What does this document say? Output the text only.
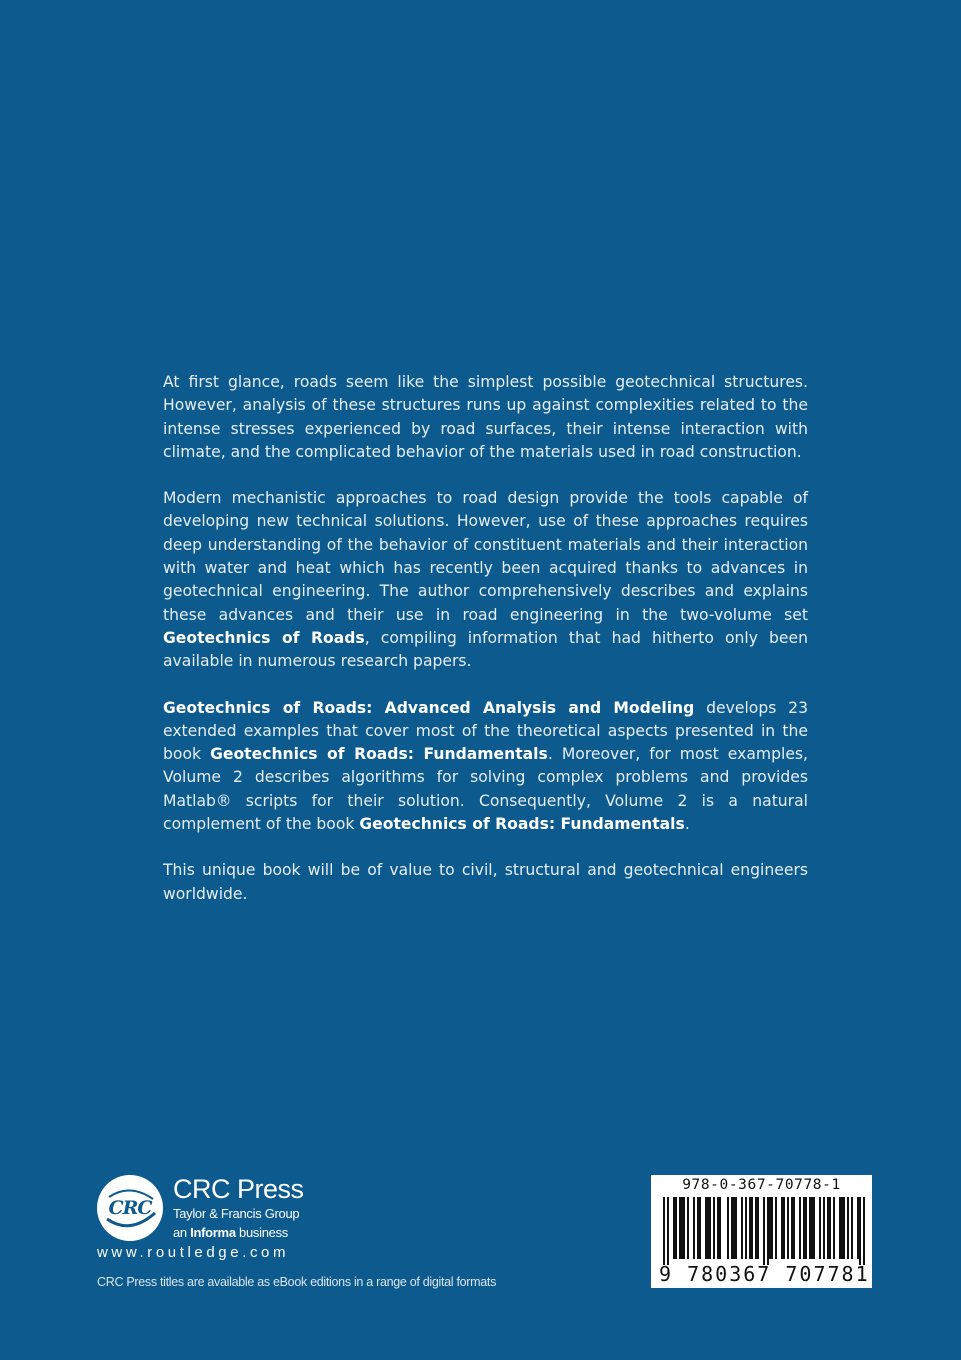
At first glance, roads seem like the simplest possible geotechnical structures. However, analysis of these structures runs up against complexities related to the intense stresses experienced by road surfaces, their intense interaction with climate, and the complicated behavior of the materials used in road construction.

Modern mechanistic approaches to road design provide the tools capable of developing new technical solutions. However, use of these approaches requires deep understanding of the behavior of constituent materials and their interaction with water and heat which has recently been acquired thanks to advances in geotechnical engineering. The author comprehensively describes and explains these advances and their use in road engineering in the two-volume set Geotechnics of Roads, compiling information that had hitherto only been available in numerous research papers.

Geotechnics of Roads: Advanced Analysis and Modeling develops 23 extended examples that cover most of the theoretical aspects presented in the book Geotechnics of Roads: Fundamentals. Moreover, for most examples, Volume 2 describes algorithms for solving complex problems and provides Matlab® scripts for their solution. Consequently, Volume 2 is a natural complement of the book Geotechnics of Roads: Fundamentals.

This unique book will be of value to civil, structural and geotechnical engineers worldwide.

CRC
CRC Press
Taylor & Francis Group
an Informa business
www.routledge.com
CRC Press titles are available as eBook editions in a range of digital formats
978-0-367-70778-1
9 780367 707781
